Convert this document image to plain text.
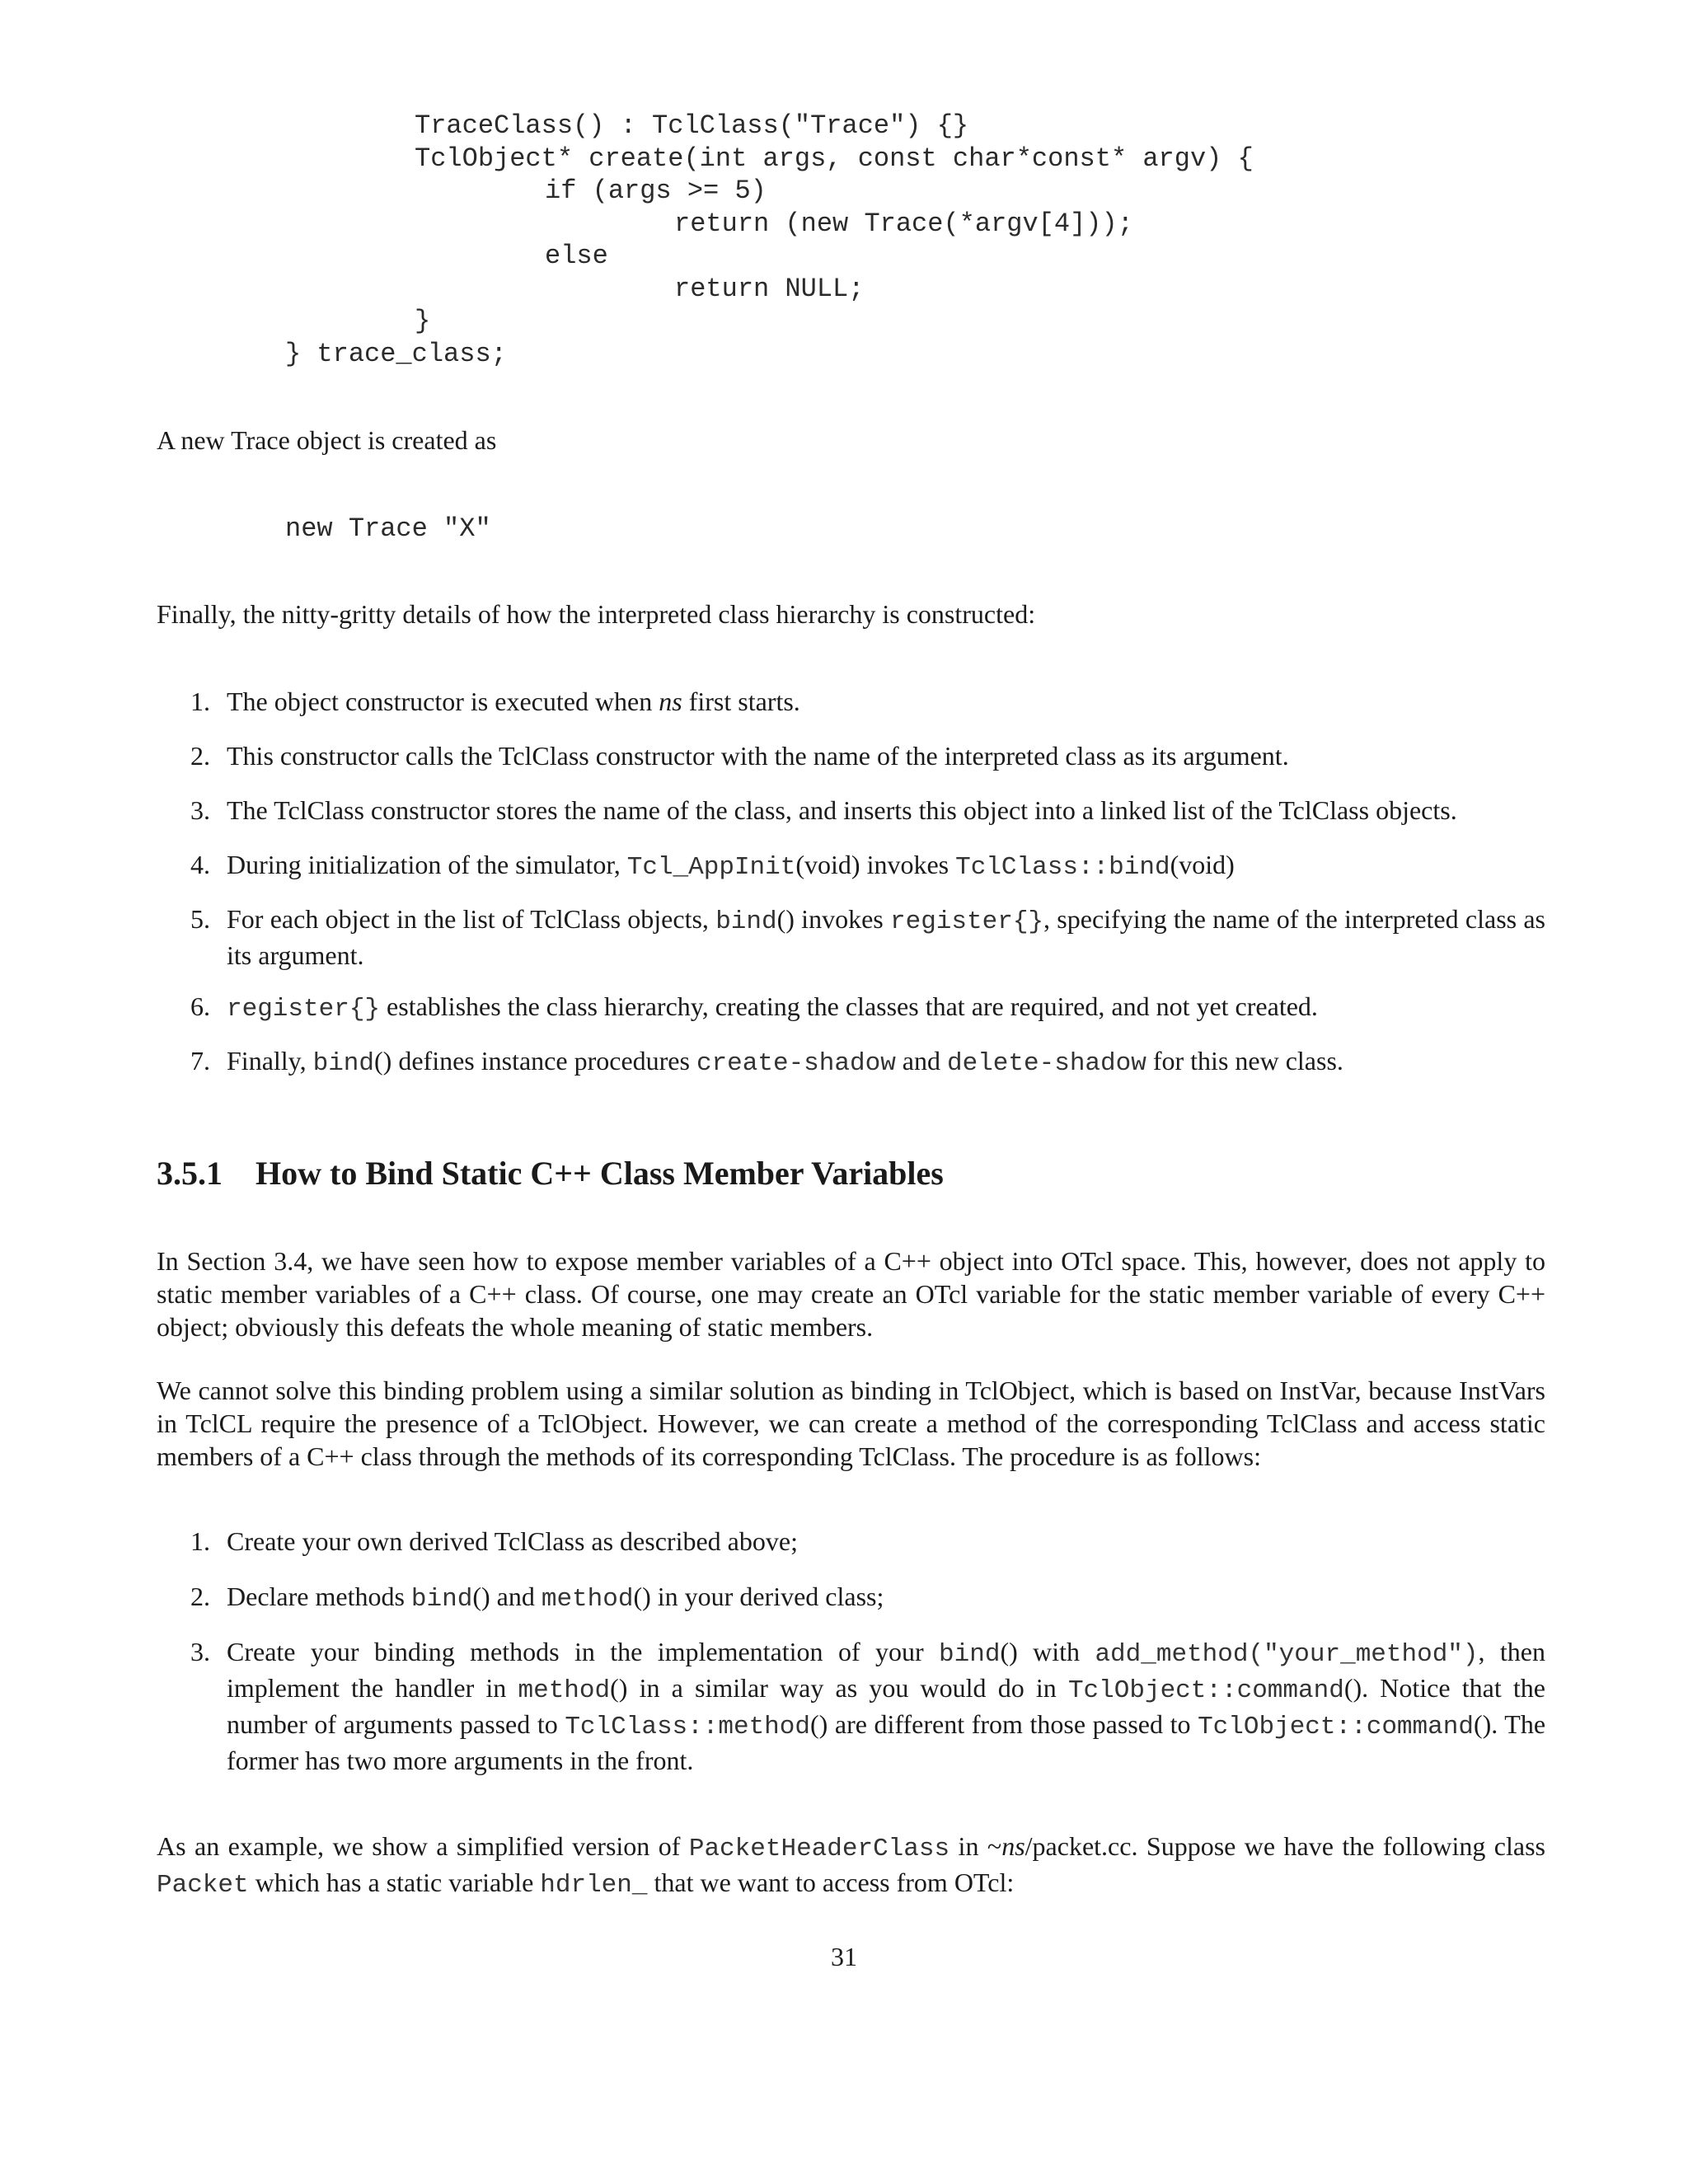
TraceClass() : TclClass("Trace") {}
TclObject* create(int args, const char*const* argv) {
if (args >= 5)
return (new Trace(*argv[4]));
else
return NULL;
}
} trace_class;
A new Trace object is created as
new Trace "X"
Finally, the nitty-gritty details of how the interpreted class hierarchy is constructed:
1. The object constructor is executed when ns first starts.
2. This constructor calls the TclClass constructor with the name of the interpreted class as its argument.
3. The TclClass constructor stores the name of the class, and inserts this object into a linked list of the TclClass objects.
4. During initialization of the simulator, Tcl_AppInit(void) invokes TclClass::bind(void)
5. For each object in the list of TclClass objects, bind() invokes register{}, specifying the name of the interpreted class as its argument.
6. register{} establishes the class hierarchy, creating the classes that are required, and not yet created.
7. Finally, bind() defines instance procedures create-shadow and delete-shadow for this new class.
3.5.1 How to Bind Static C++ Class Member Variables
In Section 3.4, we have seen how to expose member variables of a C++ object into OTcl space. This, however, does not apply to static member variables of a C++ class. Of course, one may create an OTcl variable for the static member variable of every C++ object; obviously this defeats the whole meaning of static members.
We cannot solve this binding problem using a similar solution as binding in TclObject, which is based on InstVar, because InstVars in TclCL require the presence of a TclObject. However, we can create a method of the corresponding TclClass and access static members of a C++ class through the methods of its corresponding TclClass. The procedure is as follows:
1. Create your own derived TclClass as described above;
2. Declare methods bind() and method() in your derived class;
3. Create your binding methods in the implementation of your bind() with add_method("your_method"), then implement the handler in method() in a similar way as you would do in TclObject::command(). Notice that the number of arguments passed to TclClass::method() are different from those passed to TclObject::command(). The former has two more arguments in the front.
As an example, we show a simplified version of PacketHeaderClass in ~ns/packet.cc. Suppose we have the following class Packet which has a static variable hdrlen_ that we want to access from OTcl:
31
